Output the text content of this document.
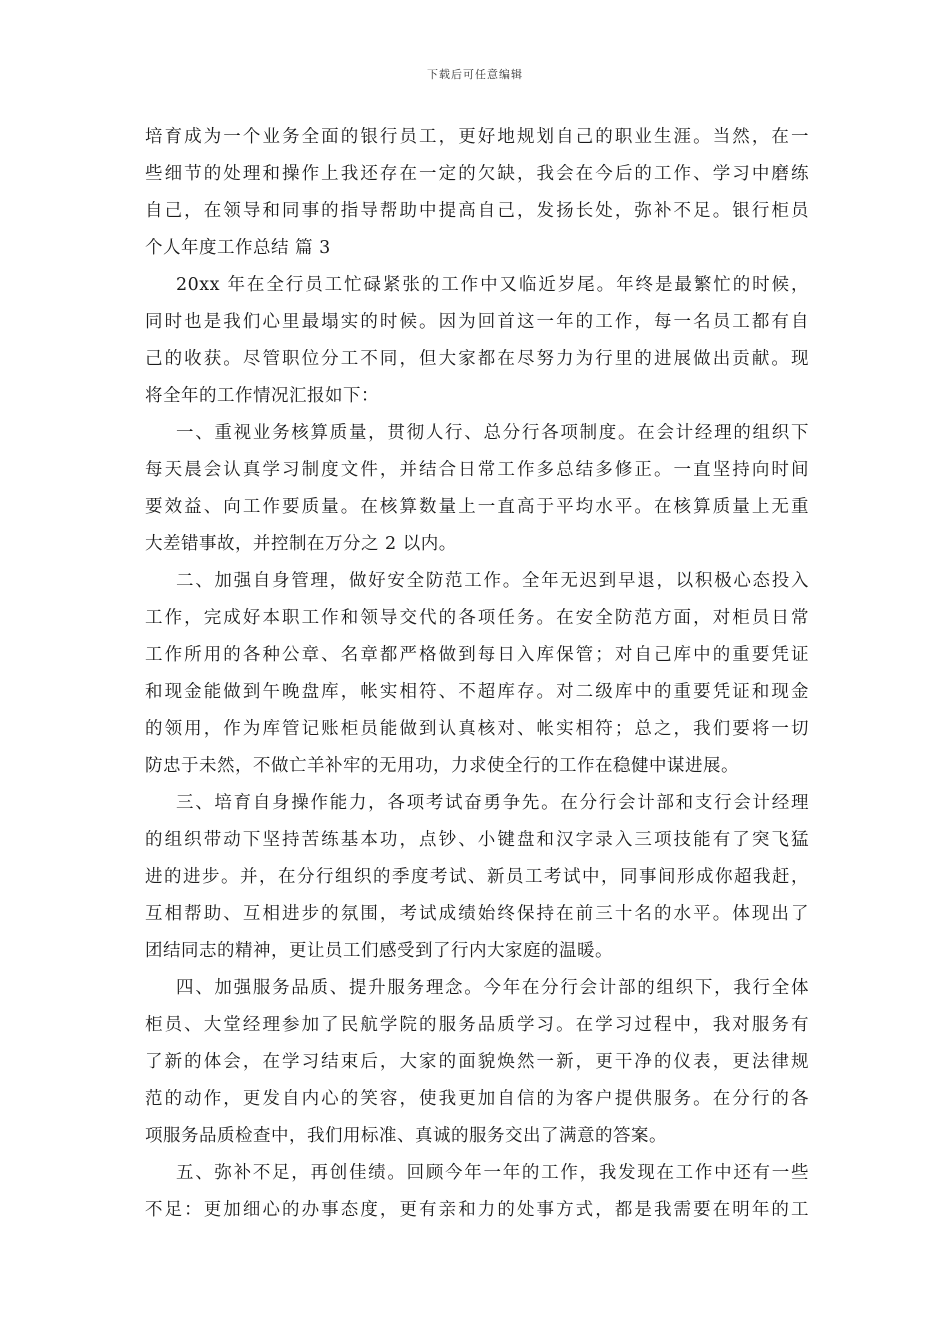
下载后可任意编辑
培育成为一个业务全面的银行员工，更好地规划自己的职业生涯。当然，在一
些细节的处理和操作上我还存在一定的欠缺，我会在今后的工作、学习中磨练
自己，在领导和同事的指导帮助中提高自己，发扬长处，弥补不足。银行柜员
个人年度工作总结 篇 3
20xx 年在全行员工忙碌紧张的工作中又临近岁尾。年终是最繁忙的时候，
同时也是我们心里最塌实的时候。因为回首这一年的工作，每一名员工都有自
己的收获。尽管职位分工不同，但大家都在尽努力为行里的进展做出贡献。现
将全年的工作情况汇报如下：
一、重视业务核算质量，贯彻人行、总分行各项制度。在会计经理的组织下
每天晨会认真学习制度文件，并结合日常工作多总结多修正。一直坚持向时间
要效益、向工作要质量。在核算数量上一直高于平均水平。在核算质量上无重
大差错事故，并控制在万分之 2 以内。
二、加强自身管理，做好安全防范工作。全年无迟到早退，以积极心态投入
工作，完成好本职工作和领导交代的各项任务。在安全防范方面，对柜员日常
工作所用的各种公章、名章都严格做到每日入库保管；对自己库中的重要凭证
和现金能做到午晚盘库，帐实相符、不超库存。对二级库中的重要凭证和现金
的领用，作为库管记账柜员能做到认真核对、帐实相符；总之，我们要将一切
防忠于未然，不做亡羊补牢的无用功，力求使全行的工作在稳健中谋进展。
三、培育自身操作能力，各项考试奋勇争先。在分行会计部和支行会计经理
的组织带动下坚持苦练基本功，点钞、小键盘和汉字录入三项技能有了突飞猛
进的进步。并，在分行组织的季度考试、新员工考试中，同事间形成你超我赶，
互相帮助、互相进步的氛围，考试成绩始终保持在前三十名的水平。体现出了
团结同志的精神，更让员工们感受到了行内大家庭的温暖。
四、加强服务品质、提升服务理念。今年在分行会计部的组织下，我行全体
柜员、大堂经理参加了民航学院的服务品质学习。在学习过程中，我对服务有
了新的体会，在学习结束后，大家的面貌焕然一新，更干净的仪表，更法律规
范的动作，更发自内心的笑容，使我更加自信的为客户提供服务。在分行的各
项服务品质检查中，我们用标准、真诚的服务交出了满意的答案。
五、弥补不足，再创佳绩。回顾今年一年的工作，我发现在工作中还有一些
不足：更加细心的办事态度，更有亲和力的处事方式，都是我需要在明年的工
